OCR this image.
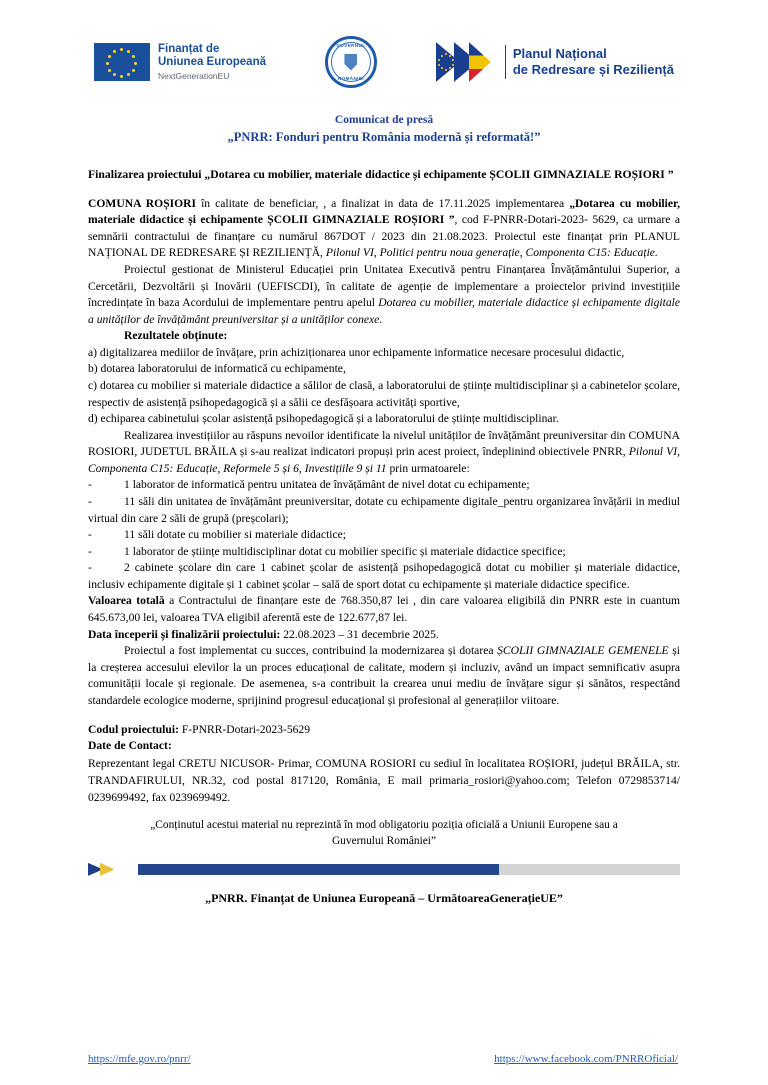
Finanțat de
Uniunea Europeană
NextGenerationEU
GUVERNUL
ROMÂNIEI
Planul Național
de Redresare și Reziliență
Comunicat de presă
„PNRR: Fonduri pentru România modernă și reformată!”
Finalizarea proiectului „Dotarea cu mobilier, materiale didactice și echipamente ȘCOLII GIMNAZIALE ROȘIORI ”

COMUNA ROȘIORI în calitate de beneficiar, , a finalizat in data de 17.11.2025 implementarea „Dotarea cu mobilier, materiale didactice și echipamente ȘCOLII GIMNAZIALE ROȘIORI ”, cod F-PNRR-Dotari-2023- 5629, ca urmare a semnării contractului de finanțare cu numărul 867DOT / 2023 din 21.08.2023. Proiectul este finanțat prin PLANUL NAȚIONAL DE REDRESARE ȘI REZILIENȚĂ, Pilonul VI, Politici pentru noua generație, Componenta C15: Educație.

Proiectul gestionat de Ministerul Educației prin Unitatea Executivă pentru Finanțarea Învățământului Superior, a Cercetării, Dezvoltării și Inovării (UEFISCDI), în calitate de agenție de implementare a proiectelor privind investițiile încredințate în baza Acordului de implementare pentru apelul Dotarea cu mobilier, materiale didactice și echipamente digitale a unităților de învățământ preuniversitar și a unităților conexe.

Rezultatele obținute:

a) digitalizarea mediilor de învățare, prin achiziționarea unor echipamente informatice necesare procesului didactic,

b) dotarea laboratorului de informatică cu echipamente,

c) dotarea cu mobilier si materiale didactice a sălilor de clasă, a laboratorului de științe multidisciplinar și a cabinetelor școlare, respectiv de asistență psihopedagogică și a sălii ce desfășoara activități sportive,

d) echiparea cabinetului școlar asistență psihopedagogică și a laboratorului de științe multidisciplinar.

Realizarea investițiilor au răspuns nevoilor identificate la nivelul unităților de învățământ preuniversitar din COMUNA ROSIORI, JUDETUL BRĂILA și s-au realizat indicatori propuși prin acest proiect, îndeplinind obiectivele PNRR, Pilonul VI, Componenta C15: Educație, Reformele 5 și 6, Investițiile 9 și 11 prin urmatoarele:

-	1 laborator de informatică pentru unitatea de învățământ de nivel dotat cu echipamente;

-	11 săli din unitatea de învățământ preuniversitar, dotate cu echipamente digitale_pentru organizarea învățării in mediul virtual din care 2 săli de grupă (preșcolari);

-	11 săli dotate cu mobilier si materiale didactice;

-	1 laborator de științe multidisciplinar dotat cu mobilier specific și materiale didactice specifice;

-	2 cabinete școlare din care 1 cabinet școlar de asistență psihopedagogică dotat cu mobilier și materiale didactice, inclusiv echipamente digitale și 1 cabinet școlar – sală de sport dotat cu echipamente și materiale didactice specifice.

Valoarea totală a Contractului de finanțare este de 768.350,87 lei , din care valoarea eligibilă din PNRR este in cuantum 645.673,00 lei, valoarea TVA eligibil aferentă este de 122.677,87 lei.

Data începerii și finalizării proiectului: 22.08.2023 – 31 decembrie 2025.

Proiectul a fost implementat cu succes, contribuind la modernizarea și dotarea ȘCOLII GIMNAZIALE GEMENELE și la creșterea accesului elevilor la un proces educațional de calitate, modern și incluziv, având un impact semnificativ asupra comunității locale și regionale. De asemenea, s-a contribuit la crearea unui mediu de învățare sigur și sănătos, respectând standardele ecologice moderne, sprijinind progresul educațional și profesional al generațiilor viitoare.

Codul proiectului: F-PNRR-Dotari-2023-5629

Date de Contact:

Reprezentant legal CRETU NICUSOR- Primar, COMUNA ROSIORI cu sediul în localitatea ROȘIORI, județul BRĂILA, str. TRANDAFIRULUI, NR.32, cod postal 817120, România, E mail primaria_rosiori@yahoo.com; Telefon 0729853714/ 0239699492, fax 0239699492.

„Conținutul acestui material nu reprezintă în mod obligatoriu poziția oficială a Uniunii Europene sau a
Guvernului României”
„PNRR. Finanțat de Uniunea Europeană – UrmătoareaGenerațieUE”
https://mfe.gov.ro/pnrr/	https://www.facebook.com/PNRROficial/
